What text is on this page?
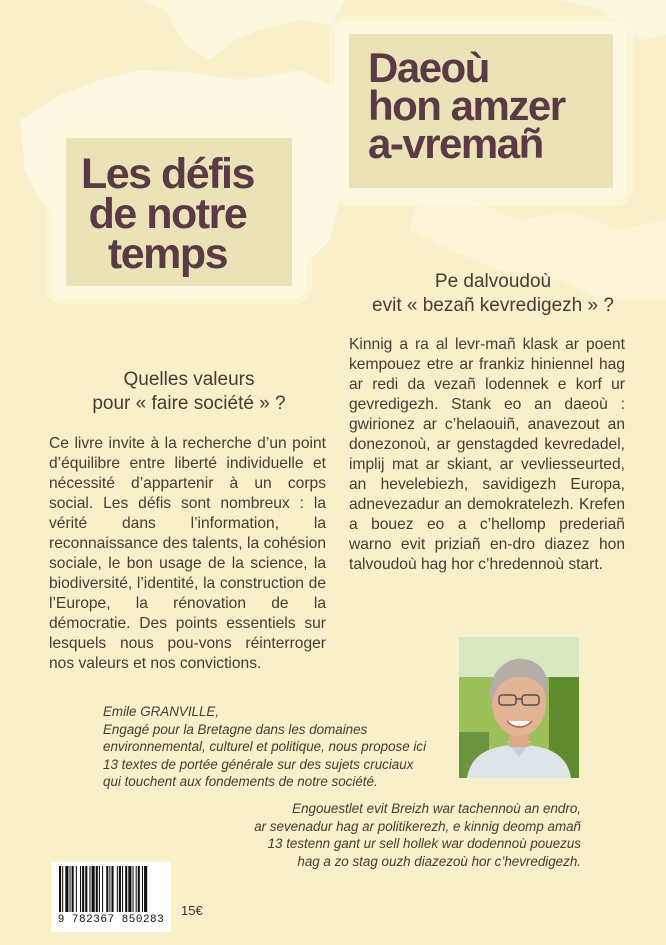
Les défis
de notre
temps
Daeoù
hon amzer
a-vremañ
Pe dalvoudoù
evit « bezañ kevredigezh » ?
Kinnig a ra al levr-mañ klask ar poent kempouez etre ar frankiz hiniennel hag ar redi da vezañ lodennek e korf ur gevredigezh. Stank eo an daeoù : gwirionez ar c’helaouiñ, anavezout an donezonoù, ar genstagded kevredadel, implij mat ar skiant, ar vevliesseurted, an hevelebiezh, savidigezh Europa, adnevezadur an demokratelezh. Krefen a bouez eo a c’hellomp prederiañ warno evit priziañ en-dro diazez hon talvoudoù hag hor c’hredennoù start.
Quelles valeurs
pour « faire société » ?
Ce livre invite à la recherche d’un point d’équilibre entre liberté individuelle et nécessité d’appartenir à un corps social. Les défis sont nombreux : la vérité dans l’information, la reconnaissance des talents, la cohésion sociale, le bon usage de la science, la biodiversité, l’identité, la construction de l’Europe, la rénovation de la démocratie. Des points essentiels sur lesquels nous pou-vons réinterroger nos valeurs et nos convictions.
Emile GRANVILLE,
Engagé pour la Bretagne dans les domaines
environnemental, culturel et politique, nous propose ici
13 textes de portée générale sur des sujets cruciaux
qui touchent aux fondements de notre société.
Engouestlet evit Breizh war tachennoù an endro,
ar sevenadur hag ar politikerezh, e kinnig deomp amañ
13 testenn gant ur sell hollek war dodennoù pouezus
hag a zo stag ouzh diazezoù hor c’hevredigezh.
9 782367 850283
15€
